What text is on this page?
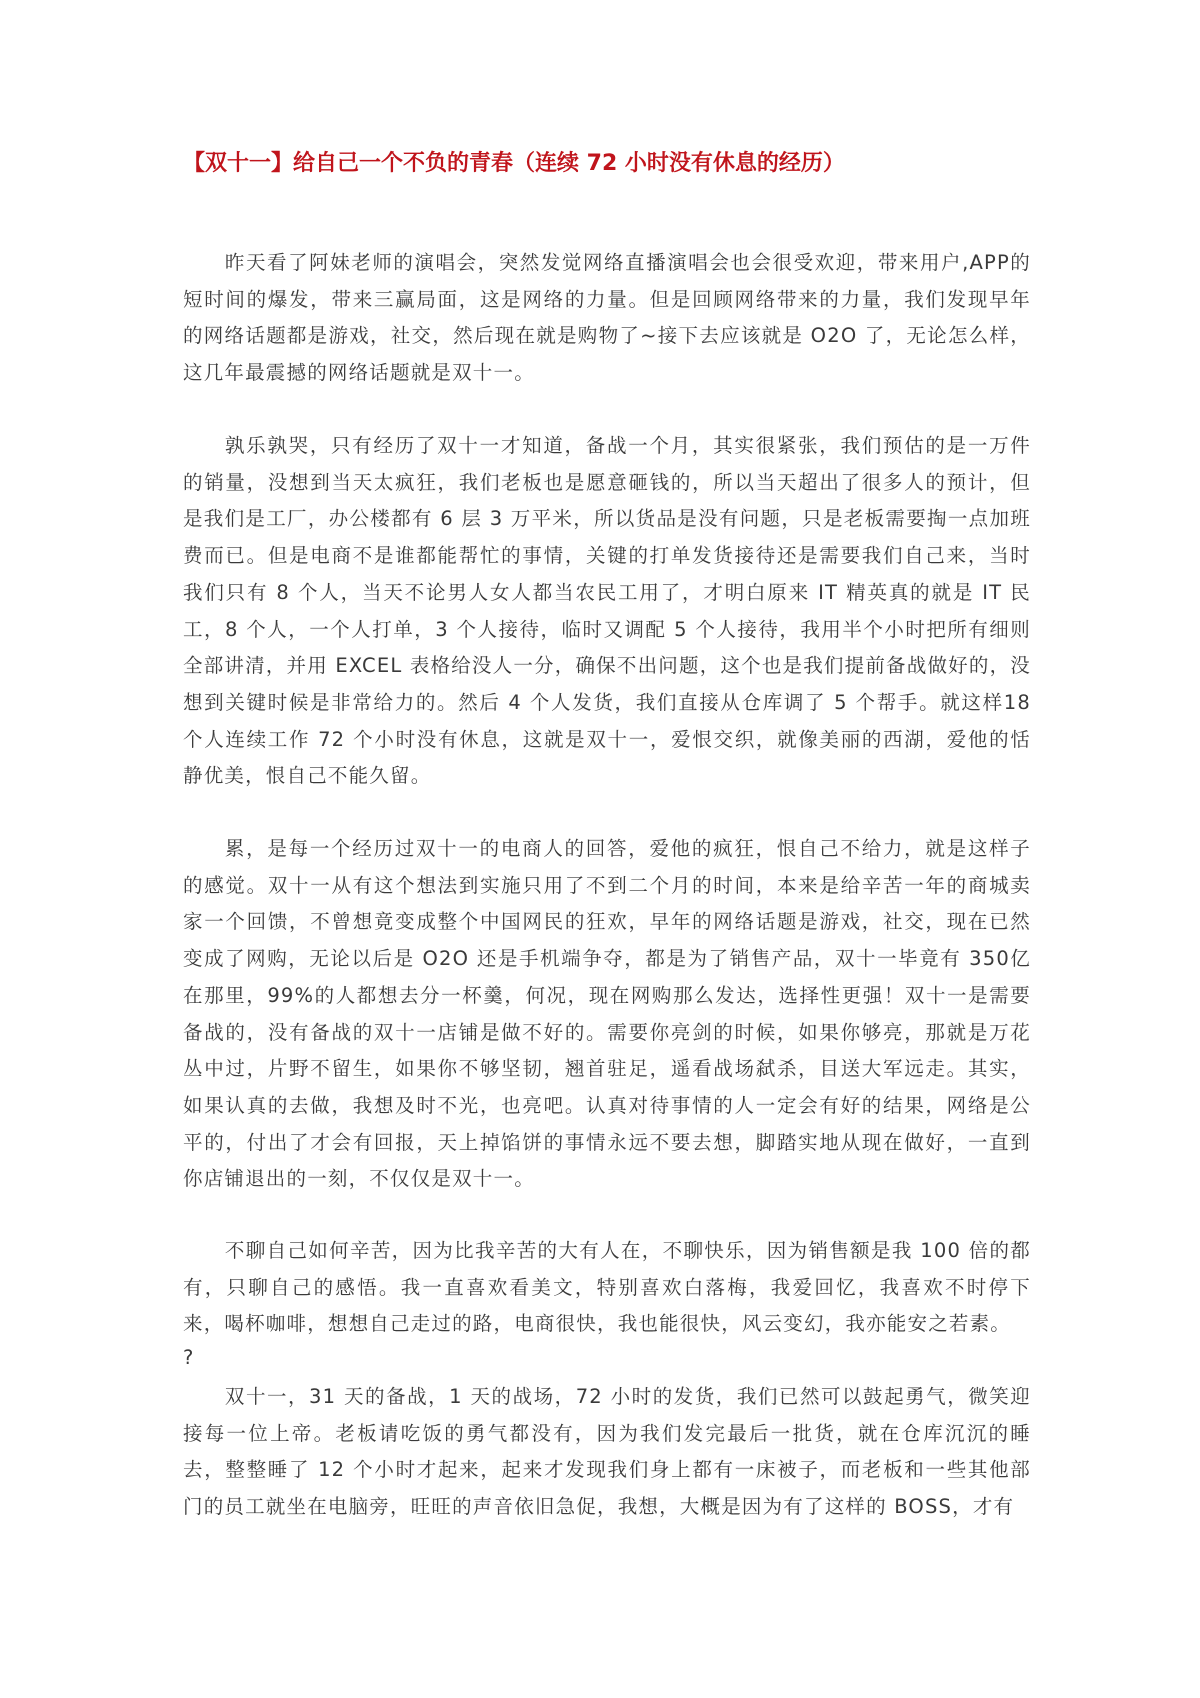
【双十一】给自己一个不负的青春（连续 72 小时没有休息的经历）

昨天看了阿妹老师的演唱会，突然发觉网络直播演唱会也会很受欢迎，带来用户,APP的短时间的爆发，带来三赢局面，这是网络的力量。但是回顾网络带来的力量，我们发现早年的网络话题都是游戏，社交，然后现在就是购物了~接下去应该就是 O2O 了，无论怎么样，这几年最震撼的网络话题就是双十一。

孰乐孰哭，只有经历了双十一才知道，备战一个月，其实很紧张，我们预估的是一万件的销量，没想到当天太疯狂，我们老板也是愿意砸钱的，所以当天超出了很多人的预计，但是我们是工厂，办公楼都有 6 层 3 万平米，所以货品是没有问题，只是老板需要掏一点加班费而已。但是电商不是谁都能帮忙的事情，关键的打单发货接待还是需要我们自己来，当时我们只有 8 个人，当天不论男人女人都当农民工用了，才明白原来 IT 精英真的就是 IT 民工，8 个人，一个人打单，3 个人接待，临时又调配 5 个人接待，我用半个小时把所有细则全部讲清，并用 EXCEL 表格给没人一分，确保不出问题，这个也是我们提前备战做好的，没想到关键时候是非常给力的。然后 4 个人发货，我们直接从仓库调了 5 个帮手。就这样18 个人连续工作 72 个小时没有休息，这就是双十一，爱恨交织，就像美丽的西湖，爱他的恬静优美，恨自己不能久留。

累，是每一个经历过双十一的电商人的回答，爱他的疯狂，恨自己不给力，就是这样子的感觉。双十一从有这个想法到实施只用了不到二个月的时间，本来是给辛苦一年的商城卖家一个回馈，不曾想竟变成整个中国网民的狂欢，早年的网络话题是游戏，社交，现在已然变成了网购，无论以后是 O2O 还是手机端争夺，都是为了销售产品，双十一毕竟有 350亿在那里，99%的人都想去分一杯羹，何况，现在网购那么发达，选择性更强！双十一是需要备战的，没有备战的双十一店铺是做不好的。需要你亮剑的时候，如果你够亮，那就是万花丛中过，片野不留生，如果你不够坚韧，翘首驻足，遥看战场弑杀，目送大军远走。其实，如果认真的去做，我想及时不光，也亮吧。认真对待事情的人一定会有好的结果，网络是公平的，付出了才会有回报，天上掉馅饼的事情永远不要去想，脚踏实地从现在做好，一直到你店铺退出的一刻，不仅仅是双十一。

不聊自己如何辛苦，因为比我辛苦的大有人在，不聊快乐，因为销售额是我 100 倍的都有，只聊自己的感悟。我一直喜欢看美文，特别喜欢白落梅，我爱回忆，我喜欢不时停下来，喝杯咖啡，想想自己走过的路，电商很快，我也能很快，风云变幻，我亦能安之若素。

?

双十一，31 天的备战，1 天的战场，72 小时的发货，我们已然可以鼓起勇气，微笑迎接每一位上帝。老板请吃饭的勇气都没有，因为我们发完最后一批货，就在仓库沉沉的睡去，整整睡了 12 个小时才起来，起来才发现我们身上都有一床被子，而老板和一些其他部门的员工就坐在电脑旁，旺旺的声音依旧急促，我想，大概是因为有了这样的 BOSS，才有
